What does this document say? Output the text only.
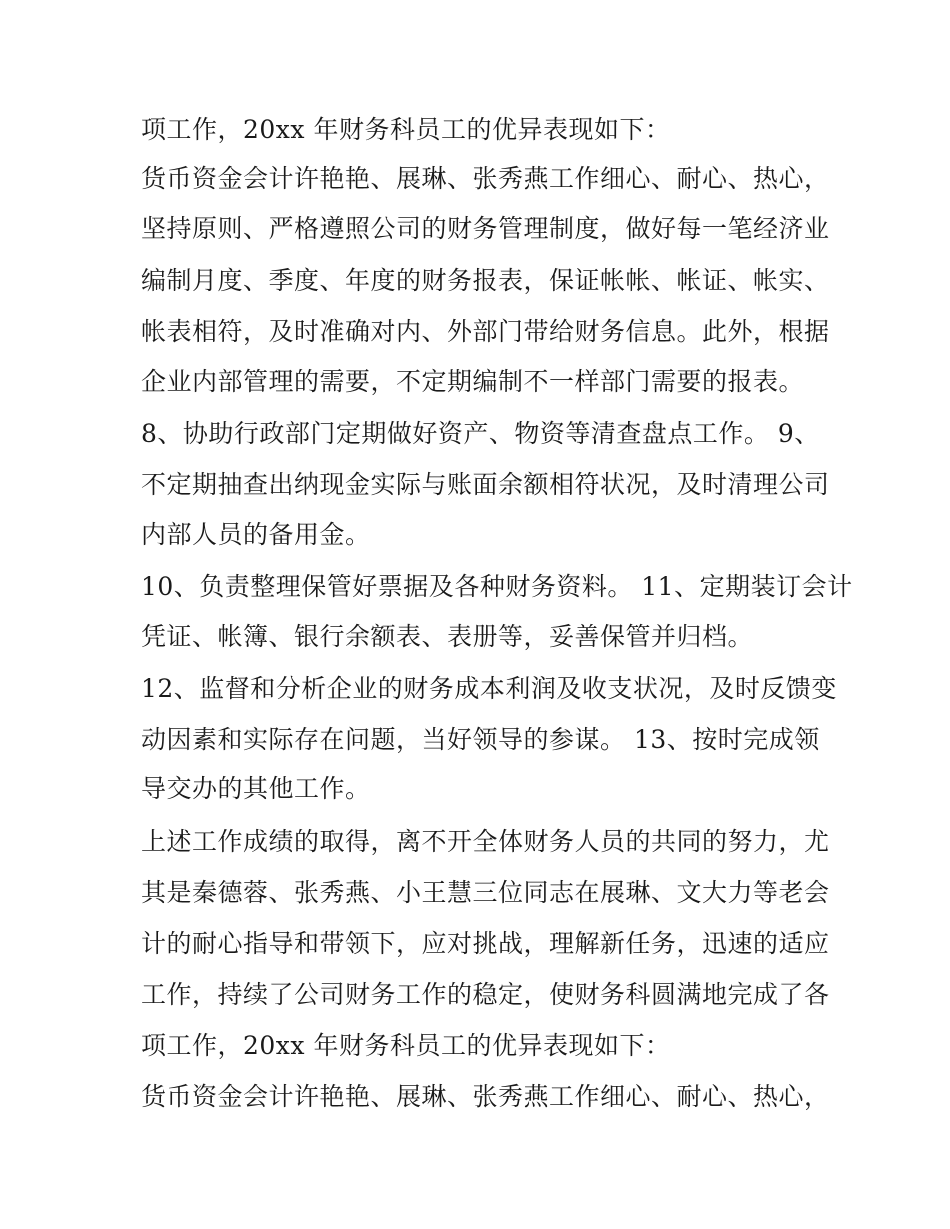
项工作，20xx 年财务科员工的优异表现如下：

货币资金会计许艳艳、展琳、张秀燕工作细心、耐心、热心，

坚持原则、严格遵照公司的财务管理制度，做好每一笔经济业

编制月度、季度、年度的财务报表，保证帐帐、帐证、帐实、

帐表相符，及时准确对内、外部门带给财务信息。此外，根据

企业内部管理的需要，不定期编制不一样部门需要的报表。

8、协助行政部门定期做好资产、物资等清查盘点工作。 9、

不定期抽查出纳现金实际与账面余额相符状况，及时清理公司

内部人员的备用金。

10、负责整理保管好票据及各种财务资料。 11、定期装订会计

凭证、帐簿、银行余额表、表册等，妥善保管并归档。

12、监督和分析企业的财务成本利润及收支状况，及时反馈变

动因素和实际存在问题，当好领导的参谋。 13、按时完成领

导交办的其他工作。

上述工作成绩的取得，离不开全体财务人员的共同的努力，尤

其是秦德蓉、张秀燕、小王慧三位同志在展琳、文大力等老会

计的耐心指导和带领下，应对挑战，理解新任务，迅速的适应

工作，持续了公司财务工作的稳定，使财务科圆满地完成了各

项工作，20xx 年财务科员工的优异表现如下：

货币资金会计许艳艳、展琳、张秀燕工作细心、耐心、热心，
